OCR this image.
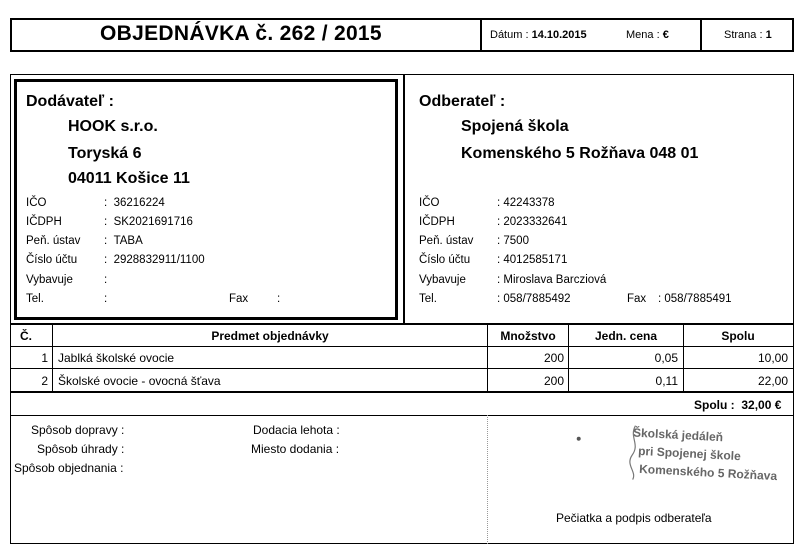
OBJEDNÁVKA č. 262 / 2015	Dátum : 14.10.2015	Mena : €	Strana : 1
Dodávateľ :
HOOK s.r.o.
Toryská 6
04011 Košice 11
IČO	:  36216224
IČDPH	:  SK2021691716
Peň. ústav :  TABA
Číslo účtu :  2928832911/1100
Vybavuje	:
Tel.	:	Fax	:
Odberateľ :
Spojená škola
Komenského 5 Rožňava 048 01
IČO	: 42243378
IČDPH	: 2023332641
Peň. ústav : 7500
Číslo účtu : 4012585171
Vybavuje	: Miroslava Barcziová
Tel.	: 058/7885492	Fax : 058/7885491
Č.	Predmet objednávky	Množstvo	Jedn. cena	Spolu
1 Jablká školské ovocie	200	0,05	10,00
2 Školské ovocie - ovocná šťava	200	0,11	22,00
Spolu : 32,00 €
Spôsob dopravy :
Spôsob úhrady :
Spôsob objednania :
Dodacia lehota :
Miesto dodania :
Školská jedáleň
pri Spojenej škole
Komenského 5 Rožňava
Pečiatka a podpis odberateľa
